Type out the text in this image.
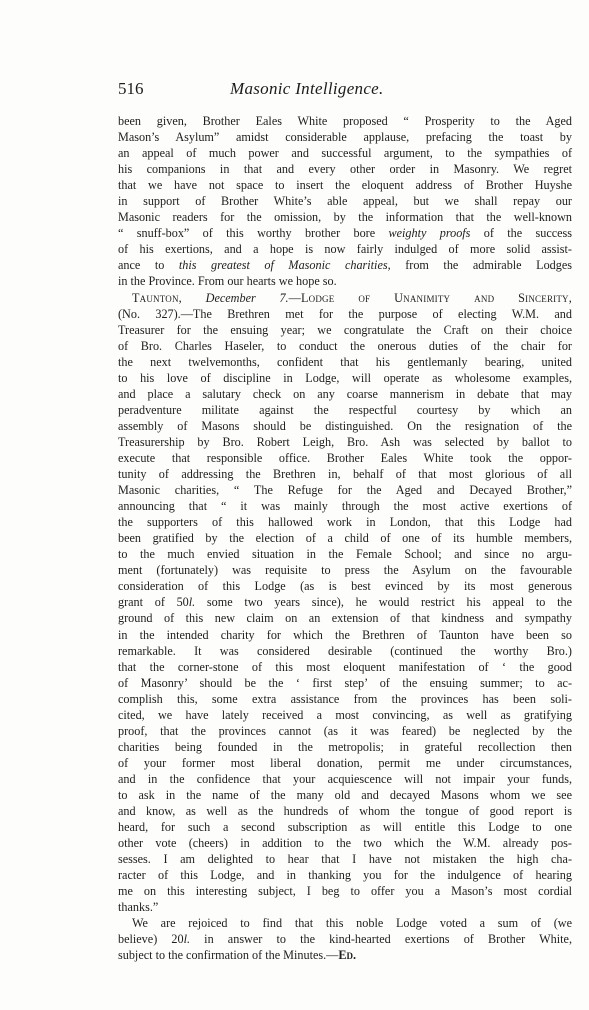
516	Masonic Intelligence.

been given, Brother Eales White proposed “ Prosperity to the Aged
Mason’s Asylum” amidst considerable applause, prefacing the toast by
an appeal of much power and successful argument, to the sympathies of
his companions in that and every other order in Masonry. We regret
that we have not space to insert the eloquent address of Brother Huyshe
in support of Brother White’s able appeal, but we shall repay our
Masonic readers for the omission, by the information that the well-known
“ snuff-box” of this worthy brother bore weighty proofs of the success
of his exertions, and a hope is now fairly indulged of more solid assist-
ance to this greatest of Masonic charities, from the admirable Lodges
in the Province. From our hearts we hope so.

Taunton, December 7.—Lodge of Unanimity and Sincerity,
(No. 327).—The Brethren met for the purpose of electing W.M. and
Treasurer for the ensuing year; we congratulate the Craft on their choice
of Bro. Charles Haseler, to conduct the onerous duties of the chair for
the next twelvemonths, confident that his gentlemanly bearing, united
to his love of discipline in Lodge, will operate as wholesome examples,
and place a salutary check on any coarse mannerism in debate that may
peradventure militate against the respectful courtesy by which an
assembly of Masons should be distinguished. On the resignation of the
Treasurership by Bro. Robert Leigh, Bro. Ash was selected by ballot to
execute that responsible office. Brother Eales White took the oppor-
tunity of addressing the Brethren in, behalf of that most glorious of all
Masonic charities, “ The Refuge for the Aged and Decayed Brother,”
announcing that “ it was mainly through the most active exertions of
the supporters of this hallowed work in London, that this Lodge had
been gratified by the election of a child of one of its humble members,
to the much envied situation in the Female School; and since no argu-
ment (fortunately) was requisite to press the Asylum on the favourable
consideration of this Lodge (as is best evinced by its most generous
grant of 50l. some two years since), he would restrict his appeal to the
ground of this new claim on an extension of that kindness and sympathy
in the intended charity for which the Brethren of Taunton have been so
remarkable. It was considered desirable (continued the worthy Bro.)
that the corner-stone of this most eloquent manifestation of ‘ the good
of Masonry’ should be the ‘ first step’ of the ensuing summer; to ac-
complish this, some extra assistance from the provinces has been soli-
cited, we have lately received a most convincing, as well as gratifying
proof, that the provinces cannot (as it was feared) be neglected by the
charities being founded in the metropolis; in grateful recollection then
of your former most liberal donation, permit me under circumstances,
and in the confidence that your acquiescence will not impair your funds,
to ask in the name of the many old and decayed Masons whom we see
and know, as well as the hundreds of whom the tongue of good report is
heard, for such a second subscription as will entitle this Lodge to one
other vote (cheers) in addition to the two which the W.M. already pos-
sesses. I am delighted to hear that I have not mistaken the high cha-
racter of this Lodge, and in thanking you for the indulgence of hearing
me on this interesting subject, I beg to offer you a Mason’s most cordial
thanks.”

We are rejoiced to find that this noble Lodge voted a sum of (we
believe) 20l. in answer to the kind-hearted exertions of Brother White,
subject to the confirmation of the Minutes.—Ed.
